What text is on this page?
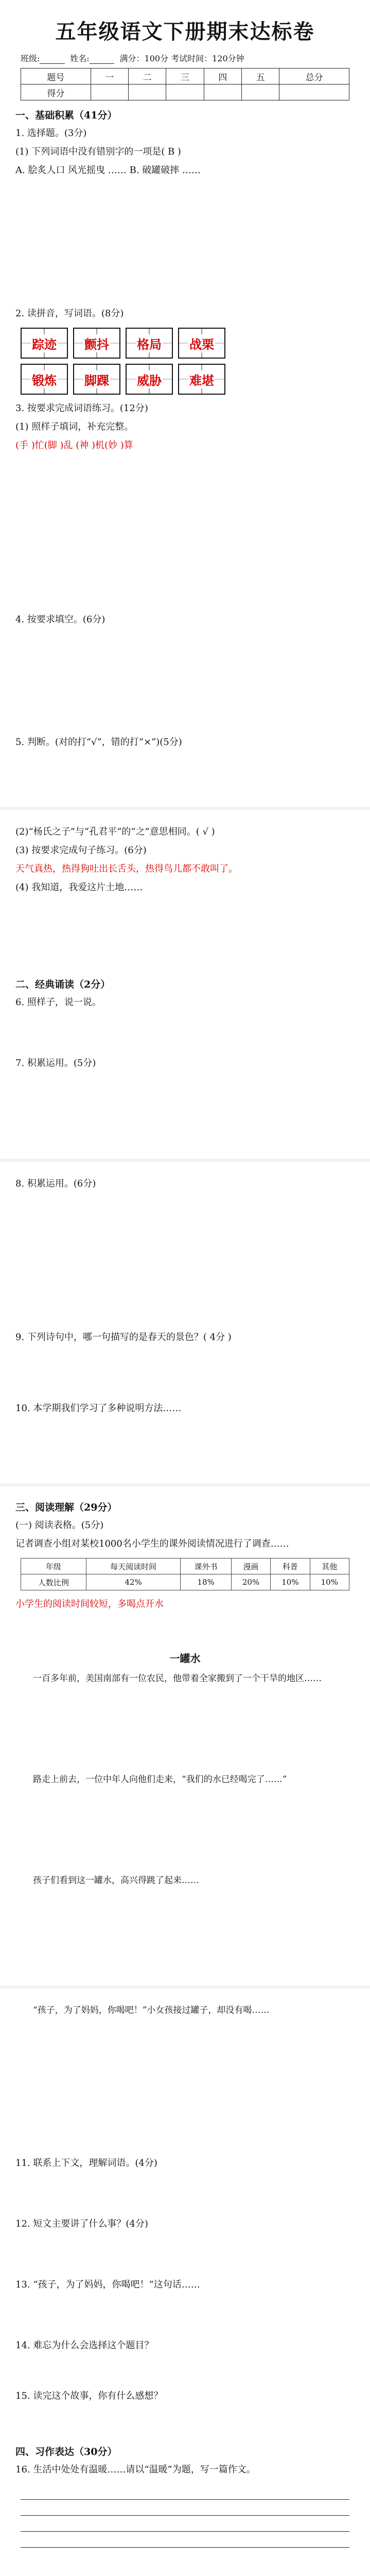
五年级语文下册期末达标卷
班级:	姓名:	满分：100分 考试时间：120分钟
题号	一	二	三	四	五	总分
得分						
一、基础积累（41分）
1. 选择题。(3分)
(1) 下列词语中没有错别字的一项是( B )
A. 脍炙人口 风光摇曳 …… B. 破罐破摔 ……
2. 读拼音，写词语。(8分)
踪迹 颤抖 格局 战栗
锻炼 脚踝 威胁 难堪
3. 按要求完成词语练习。(12分)
(1) 照样子填词，补充完整。
(手 )忙(脚 )乱 (神 )机(妙 )算
4. 按要求填空。(6分)
5. 判断。(对的打“√”，错的打“×”)(5分)
(2)“杨氏之子”与“孔君平”的“之”意思相同。( √ )
(3) 按要求完成句子练习。(6分)
天气真热，热得狗吐出长舌头，热得鸟儿都不敢叫了。
(4) 我知道，我爱这片土地……
二、经典诵读（2分）
6. 照样子，说一说。
7. 积累运用。(5分)
8. 积累运用。(6分)
9. 下列诗句中，哪一句描写的是春天的景色？( 4分 )
10. 本学期我们学习了多种说明方法……
三、阅读理解（29分）
(一) 阅读表格。(5分)
记者调查小组对某校1000名小学生的课外阅读情况进行了调查……
年级	每天阅读时间	课外书	漫画	科普	其他
人数比例	42%	18%	20%	10%	10%
小学生的阅读时间较短，多喝点开水
一罐水
一百多年前，美国南部有一位农民，他带着全家搬到了一个干旱的地区……
路走上前去，一位中年人向他们走来，“我们的水已经喝完了……”
孩子们看到这一罐水，高兴得跳了起来……
“孩子，为了妈妈，你喝吧！”小女孩接过罐子，却没有喝……
11. 联系上下文，理解词语。(4分)
12. 短文主要讲了什么事？(4分)
13. “孩子，为了妈妈，你喝吧！”这句话……
14. 难忘为什么会选择这个题目？
15. 读完这个故事，你有什么感想？
四、习作表达（30分）
16. 生活中处处有温暖……请以“温暖”为题，写一篇作文。
